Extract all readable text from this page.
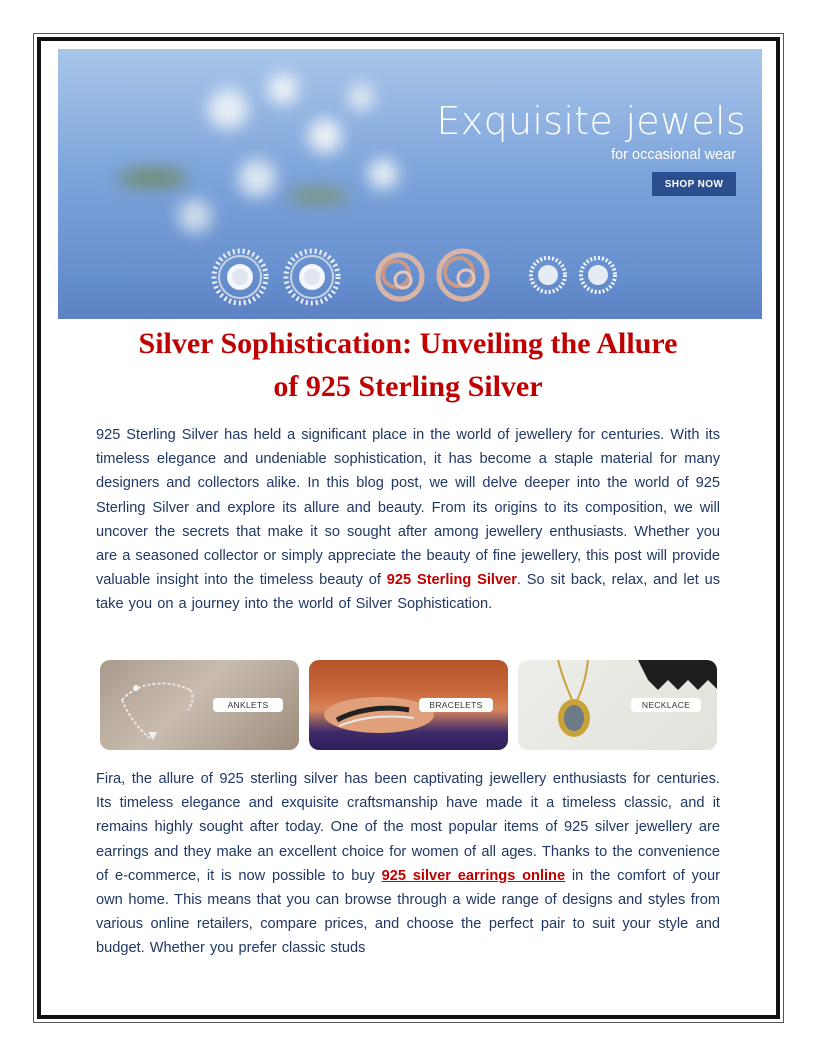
Exquisite jewels
for occasional wear
SHOP NOW
Silver Sophistication: Unveiling the Allure
of 925 Sterling Silver

925 Sterling Silver has held a significant place in the world of jewellery for centuries. With its timeless elegance and undeniable sophistication, it has become a staple material for many designers and collectors alike. In this blog post, we will delve deeper into the world of 925 Sterling Silver and explore its allure and beauty. From its origins to its composition, we will uncover the secrets that make it so sought after among jewellery enthusiasts. Whether you are a seasoned collector or simply appreciate the beauty of fine jewellery, this post will provide valuable insight into the timeless beauty of 925 Sterling Silver. So sit back, relax, and let us take you on a journey into the world of Silver Sophistication.

ANKLETS	BRACELETS	NECKLACE

Fira, the allure of 925 sterling silver has been captivating jewellery enthusiasts for centuries. Its timeless elegance and exquisite craftsmanship have made it a timeless classic, and it remains highly sought after today. One of the most popular items of 925 silver jewellery are earrings and they make an excellent choice for women of all ages. Thanks to the convenience of e-commerce, it is now possible to buy 925 silver earrings online in the comfort of your own home. This means that you can browse through a wide range of designs and styles from various online retailers, compare prices, and choose the perfect pair to suit your style and budget. Whether you prefer classic studs
